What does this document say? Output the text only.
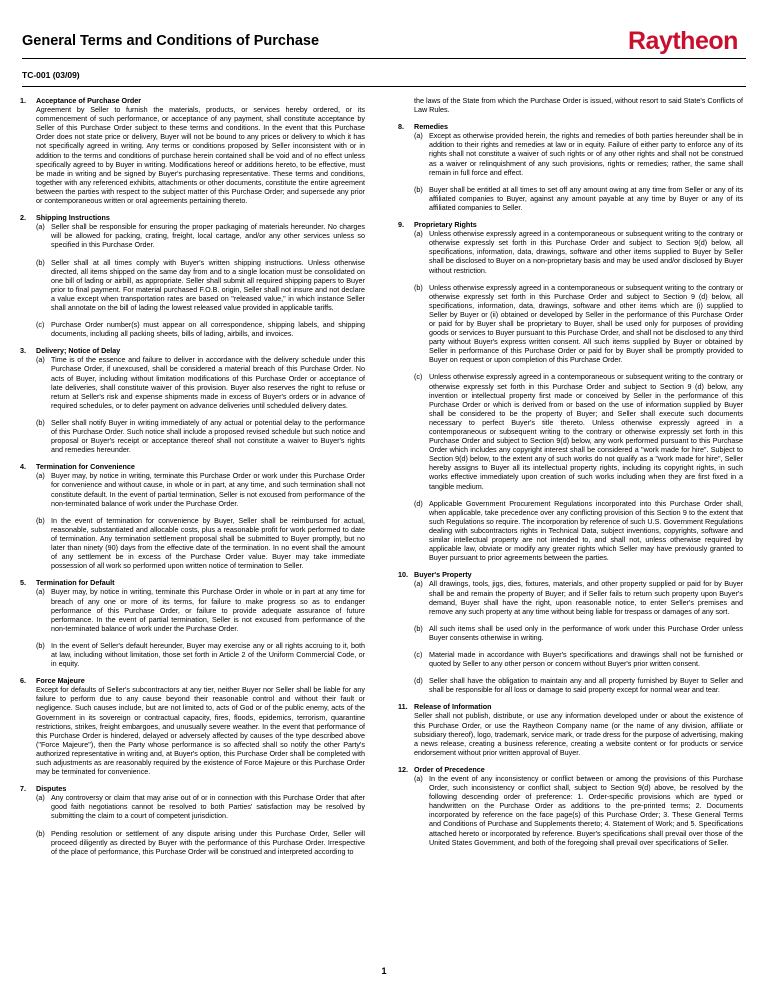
General Terms and Conditions of Purchase	Raytheon
TC-001 (03/09)
1. Acceptance of Purchase Order

Agreement by Seller to furnish the materials, products, or services hereby ordered, or its commencement of such performance, or acceptance of any payment, shall constitute acceptance by Seller of this Purchase Order subject to these terms and conditions. In the event that this Purchase Order does not state price or delivery, Buyer will not be bound to any prices or delivery to which it has not specifically agreed in writing. Any terms or conditions proposed by Seller inconsistent with or in addition to the terms and conditions of purchase herein contained shall be void and of no effect unless specifically agreed to by Buyer in writing. Modifications hereof or additions hereto, to be effective, must be made in writing and be signed by Buyer's purchasing representative. These terms and conditions, together with any referenced exhibits, attachments or other documents, constitute the entire agreement between the parties with respect to the subject matter of this Purchase Order; and supersede any prior or contemporaneous written or oral agreements pertaining thereto.

2. Shipping Instructions
(a) Seller shall be responsible for ensuring the proper packaging of materials hereunder. No charges will be allowed for packing, crating, freight, local cartage, and/or any other services unless so specified in this Purchase Order.
(b) Seller shall at all times comply with Buyer's written shipping instructions. Unless otherwise directed, all items shipped on the same day from and to a single location must be consolidated on one bill of lading or airbill, as appropriate. Seller shall submit all required shipping papers to Buyer prior to final payment. For material purchased F.O.B. origin, Seller shall not insure and not declare a value except when transportation rates are based on "released value," in which instance Seller shall annotate on the bill of lading the lowest released value provided in applicable tariffs.
(c) Purchase Order number(s) must appear on all correspondence, shipping labels, and shipping documents, including all packing sheets, bills of lading, airbills, and invoices.
3. Delivery; Notice of Delay
(a) Time is of the essence and failure to deliver in accordance with the delivery schedule under this Purchase Order, if unexcused, shall be considered a material breach of this Purchase Order. No acts of Buyer, including without limitation modifications of this Purchase Order or acceptance of late deliveries, shall constitute waiver of this provision. Buyer also reserves the right to refuse or return at Seller's risk and expense shipments made in excess of Buyer's orders or in advance of required schedules, or to defer payment on advance deliveries until scheduled delivery dates.
(b) Seller shall notify Buyer in writing immediately of any actual or potential delay to the performance of this Purchase Order. Such notice shall include a proposed revised schedule but such notice and proposal or Buyer's receipt or acceptance thereof shall not constitute a waiver to Buyer's rights and remedies hereunder.
4. Termination for Convenience
(a) Buyer may, by notice in writing, terminate this Purchase Order or work under this Purchase Order for convenience and without cause, in whole or in part, at any time, and such termination shall not constitute default. In the event of partial termination, Seller is not excused from performance of the non-terminated balance of work under the Purchase Order.
(b) In the event of termination for convenience by Buyer, Seller shall be reimbursed for actual, reasonable, substantiated and allocable costs, plus a reasonable profit for work performed to date of termination. Any termination settlement proposal shall be submitted to Buyer promptly, but no later than ninety (90) days from the effective date of the termination. In no event shall the amount of any settlement be in excess of the Purchase Order value. Buyer may take immediate possession of all work so performed upon written notice of termination to Seller.
5. Termination for Default
(a) Buyer may, by notice in writing, terminate this Purchase Order in whole or in part at any time for breach of any one or more of its terms, for failure to make progress so as to endanger performance of this Purchase Order, or failure to provide adequate assurance of future performance. In the event of partial termination, Seller is not excused from performance of the non-terminated balance of work under the Purchase Order.
(b) In the event of Seller's default hereunder, Buyer may exercise any or all rights accruing to it, both at law, including without limitation, those set forth in Article 2 of the Uniform Commercial Code, or in equity.
6. Force Majeure

Except for defaults of Seller's subcontractors at any tier, neither Buyer nor Seller shall be liable for any failure to perform due to any cause beyond their reasonable control and without their fault or negligence. Such causes include, but are not limited to, acts of God or of the public enemy, acts of the Government in its sovereign or contractual capacity, fires, floods, epidemics, terrorism, quarantine restrictions, strikes, freight embargoes, and unusually severe weather. In the event that performance of this Purchase Order is hindered, delayed or adversely affected by causes of the type described above ("Force Majeure"), then the Party whose performance is so affected shall so notify the other Party's authorized representative in writing and, at Buyer's option, this Purchase Order shall be completed with such adjustments as are reasonably required by the existence of Force Majeure or this Purchase Order may be terminated for convenience.

7. Disputes
(a) Any controversy or claim that may arise out of or in connection with this Purchase Order that after good faith negotiations cannot be resolved to both Parties' satisfaction may be resolved by submitting the claim to a court of competent jurisdiction.
(b) Pending resolution or settlement of any dispute arising under this Purchase Order, Seller will proceed diligently as directed by Buyer with the performance of this Purchase Order. Irrespective of the place of performance, this Purchase Order will be construed and interpreted according to
the laws of the State from which the Purchase Order is issued, without resort to said State's Conflicts of Law Rules.
8. Remedies
(a) Except as otherwise provided herein, the rights and remedies of both parties hereunder shall be in addition to their rights and remedies at law or in equity. Failure of either party to enforce any of its rights shall not constitute a waiver of such rights or of any other rights and shall not be construed as a waiver or relinquishment of any such provisions, rights or remedies; rather, the same shall remain in full force and effect.
(b) Buyer shall be entitled at all times to set off any amount owing at any time from Seller or any of its affiliated companies to Buyer, against any amount payable at any time by Buyer or any of its affiliated companies to Seller.
9. Proprietary Rights
(a) Unless otherwise expressly agreed in a contemporaneous or subsequent writing to the contrary or otherwise expressly set forth in this Purchase Order and subject to Section 9(d) below, all specifications, information, data, drawings, software and other items supplied to Buyer by Seller shall be disclosed to Buyer on a non-proprietary basis and may be used and/or disclosed by Buyer without restriction.
(b) Unless otherwise expressly agreed in a contemporaneous or subsequent writing to the contrary or otherwise expressly set forth in this Purchase Order and subject to Section 9 (d) below, all specifications, information, data, drawings, software and other items which are (i) supplied to Seller by Buyer or (ii) obtained or developed by Seller in the performance of this Purchase Order or paid for by Buyer shall be proprietary to Buyer, shall be used only for purposes of providing goods or services to Buyer pursuant to this Purchase Order, and shall not be disclosed to any third party without Buyer's express written consent. All such items supplied by Buyer or obtained by Seller in performance of this Purchase Order or paid for by Buyer shall be promptly provided to Buyer on request or upon completion of this Purchase Order.
(c) Unless otherwise expressly agreed in a contemporaneous or subsequent writing to the contrary or otherwise expressly set forth in this Purchase Order and subject to Section 9 (d) below, any invention or intellectual property first made or conceived by Seller in the performance of this Purchase Order or which is derived from or based on the use of information supplied by Buyer shall be considered to be the property of Buyer; and Seller shall execute such documents necessary to perfect Buyer's title thereto. Unless otherwise expressly agreed in a contemporaneous or subsequent writing to the contrary or otherwise expressly set forth in this Purchase Order and subject to Section 9(d) below, any work performed pursuant to this Purchase Order which includes any copyright interest shall be considered a "work made for hire". Subject to Section 9(d) below, to the extent any of such works do not qualify as a "work made for hire", Seller hereby assigns to Buyer all its intellectual property rights, including its copyright rights, in such works effective immediately upon creation of such works including when they are first fixed in a tangible medium.
(d) Applicable Government Procurement Regulations incorporated into this Purchase Order shall, when applicable, take precedence over any conflicting provision of this Section 9 to the extent that such Regulations so require. The incorporation by reference of such U.S. Government Regulations dealing with subcontractors rights in Technical Data, subject inventions, copyrights, software and similar intellectual property are not intended to, and shall not, unless otherwise required by applicable law, obviate or modify any greater rights which Seller may have previously granted to Buyer pursuant to prior agreements between the parties.
10. Buyer's Property
(a) All drawings, tools, jigs, dies, fixtures, materials, and other property supplied or paid for by Buyer shall be and remain the property of Buyer; and if Seller fails to return such property upon Buyer's demand, Buyer shall have the right, upon reasonable notice, to enter Seller's premises and remove any such property at any time without being liable for trespass or damages of any sort.
(b) All such items shall be used only in the performance of work under this Purchase Order unless Buyer consents otherwise in writing.
(c) Material made in accordance with Buyer's specifications and drawings shall not be furnished or quoted by Seller to any other person or concern without Buyer's prior written consent.
(d) Seller shall have the obligation to maintain any and all property furnished by Buyer to Seller and shall be responsible for all loss or damage to said property except for normal wear and tear.
11. Release of Information

Seller shall not publish, distribute, or use any information developed under or about the existence of this Purchase Order, or use the Raytheon Company name (or the name of any division, affiliate or subsidiary thereof), logo, trademark, service mark, or trade dress for the purpose of advertising, making a news release, creating a business reference, creating a website content or for products or service endorsement without prior written approval of Buyer.

12. Order of Precedence
(a) In the event of any inconsistency or conflict between or among the provisions of this Purchase Order, such inconsistency or conflict shall, subject to Section 9(d) above, be resolved by the following descending order of preference: 1. Order-specific provisions which are typed or handwritten on the Purchase Order as additions to the pre-printed terms; 2. Documents incorporated by reference on the face page(s) of this Purchase Order; 3. These General Terms and Conditions of Purchase and Supplements thereto; 4. Statement of Work; and 5. Specifications attached hereto or incorporated by reference. Buyer's specifications shall prevail over those of the United States Government, and both of the foregoing shall prevail over specifications of Seller.
1
